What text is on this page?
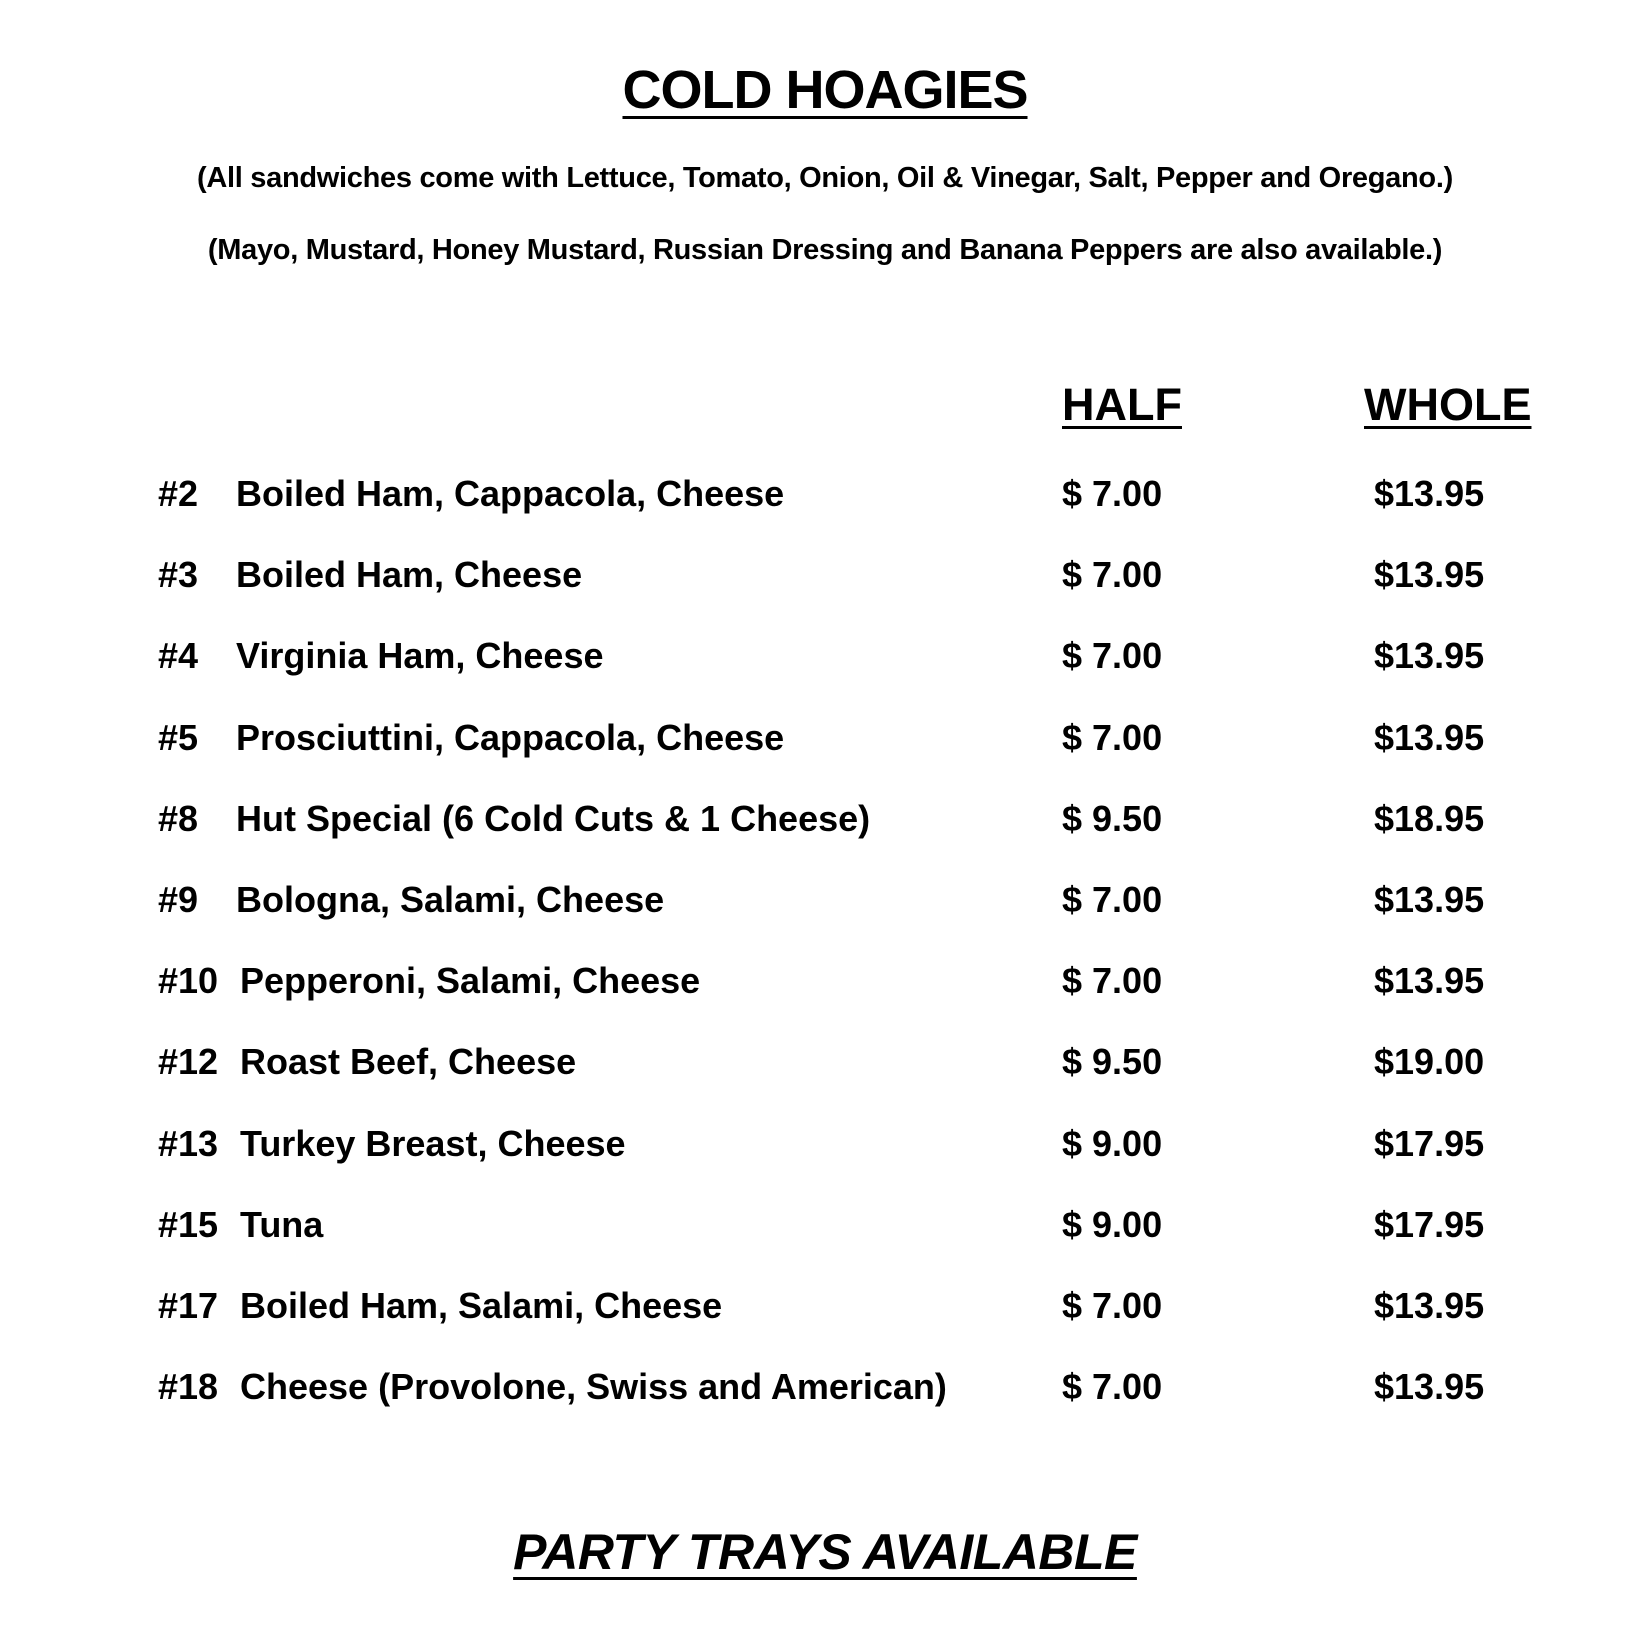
COLD HOAGIES
(All sandwiches come with Lettuce, Tomato, Onion, Oil & Vinegar, Salt, Pepper and Oregano.)
(Mayo, Mustard, Honey Mustard, Russian Dressing and Banana Peppers are also available.)
HALF	WHOLE
#2 Boiled Ham, Cappacola, Cheese	$ 7.00	$13.95
#3 Boiled Ham, Cheese	$ 7.00	$13.95
#4 Virginia Ham, Cheese	$ 7.00	$13.95
#5 Prosciuttini, Cappacola, Cheese	$ 7.00	$13.95
#8 Hut Special (6 Cold Cuts & 1 Cheese)	$ 9.50	$18.95
#9 Bologna, Salami, Cheese	$ 7.00	$13.95
#10 Pepperoni, Salami, Cheese	$ 7.00	$13.95
#12 Roast Beef, Cheese	$ 9.50	$19.00
#13 Turkey Breast, Cheese	$ 9.00	$17.95
#15 Tuna	$ 9.00	$17.95
#17 Boiled Ham, Salami, Cheese	$ 7.00	$13.95
#18 Cheese (Provolone, Swiss and American)	$ 7.00	$13.95
PARTY TRAYS AVAILABLE
